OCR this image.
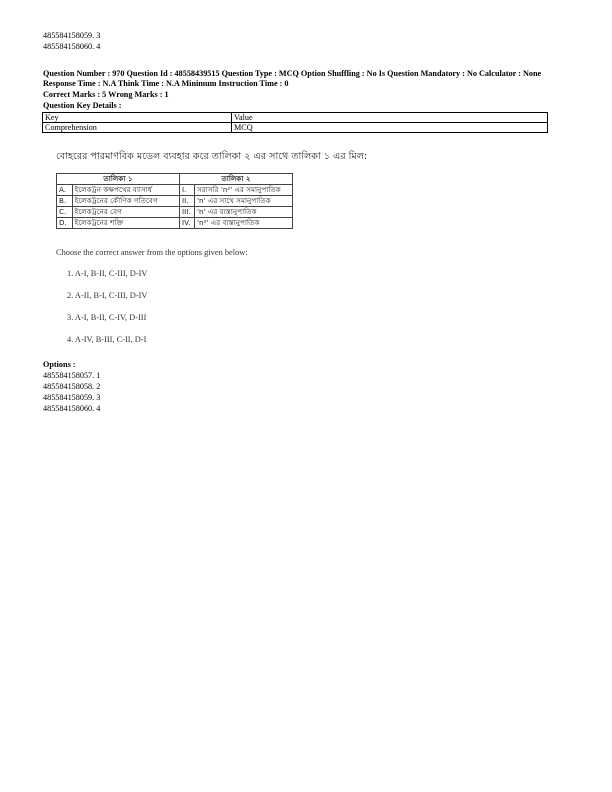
485584158059. 3
485584158060. 4
Question Number : 970 Question Id : 48558439515 Question Type : MCQ Option Shuffling : No Is Question Mandatory : No Calculator : None
Response Time : N.A Think Time : N.A Minimum Instruction Time : 0
Correct Marks : 5 Wrong Marks : 1
Question Key Details :
Key	Value
Comprehension	MCQ
বোহরের পারমাণবিক মডেল ব্যবহার করে তালিকা ২ এর সাথে তালিকা ১ এর মিল:
তালিকা ১		তালিকা ২	
A.	ইলেকট্রন কক্ষপথের ব্যাসার্ধ	I.	সরাসরি 'n²' এর সমানুপাতিক
B.	ইলেকট্রনের কৌণিক গতিবেগ	II.	'n' এর সাথে সমানুপাতিক
C.	ইলেকট্রনের বেগ	III.	'n' এর ব্যস্তানুপাতিক
D.	ইলেকট্রনের শক্তি	IV.	'n²' এর ব্যস্তানুপাতিক
Choose the correct answer from the options given below:
1. A-I, B-II, C-III, D-IV
2. A-II, B-I, C-III, D-IV
3. A-I, B-II, C-IV, D-III
4. A-IV, B-III, C-II, D-I
Options :
485584158057. 1
485584158058. 2
485584158059. 3
485584158060. 4
